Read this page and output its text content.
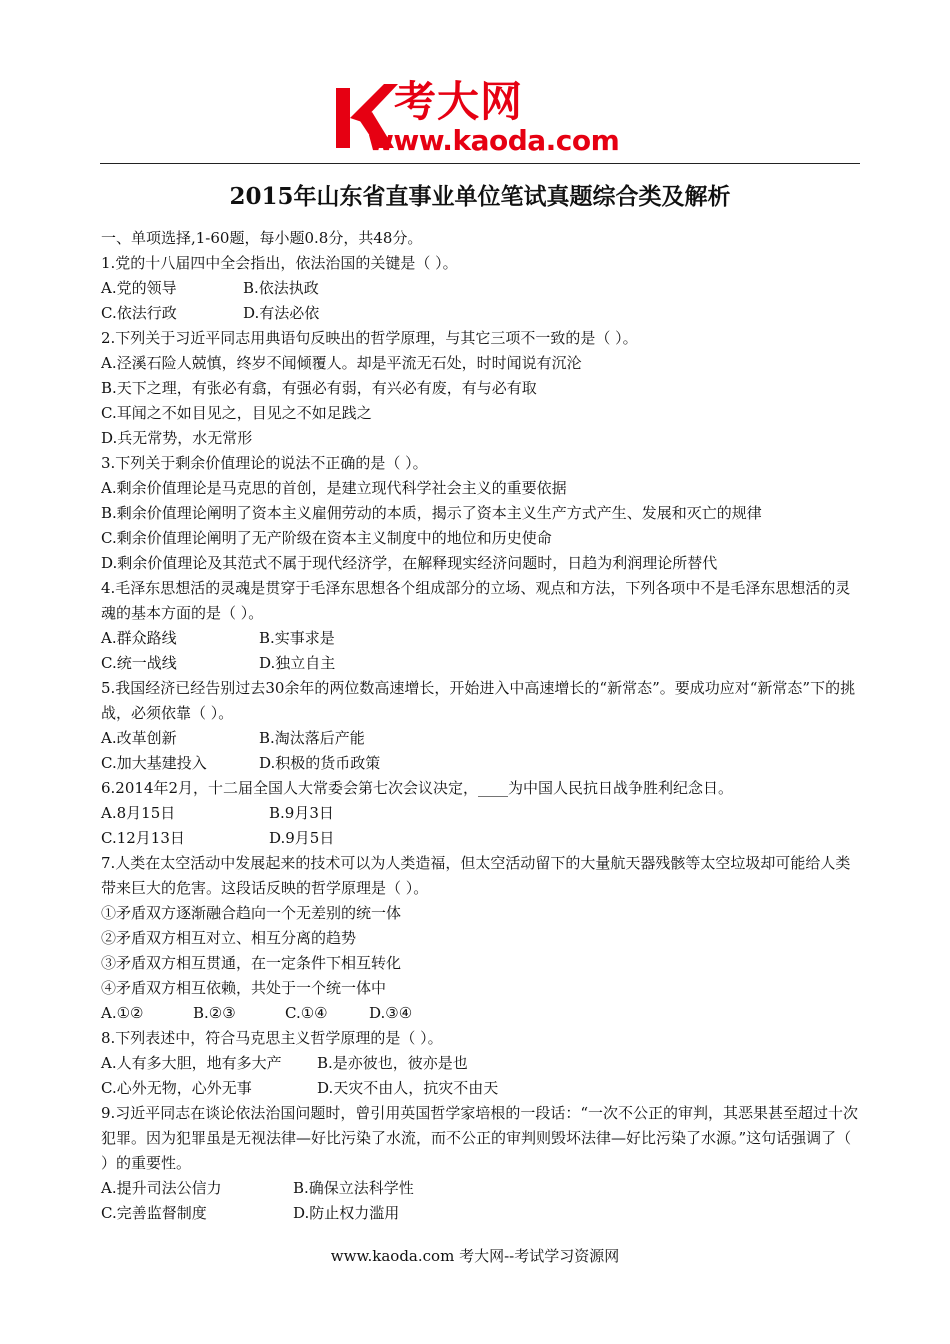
考大网
www.kaoda.com
2015年山东省直事业单位笔试真题综合类及解析
一、单项选择,1-60题，每小题0.8分，共48分。
1.党的十八届四中全会指出，依法治国的关键是（ ）。
A.党的领导	B.依法执政
C.依法行政	D.有法必依
2.下列关于习近平同志用典语句反映出的哲学原理，与其它三项不一致的是（ ）。
A.泾溪石险人兢慎，终岁不闻倾覆人。却是平流无石处，时时闻说有沉沦
B.天下之理，有张必有翕，有强必有弱，有兴必有废，有与必有取
C.耳闻之不如目见之，目见之不如足践之
D.兵无常势，水无常形
3.下列关于剩余价值理论的说法不正确的是（ ）。
A.剩余价值理论是马克思的首创，是建立现代科学社会主义的重要依据
B.剩余价值理论阐明了资本主义雇佣劳动的本质，揭示了资本主义生产方式产生、发展和灭亡的规律
C.剩余价值理论阐明了无产阶级在资本主义制度中的地位和历史使命
D.剩余价值理论及其范式不属于现代经济学，在解释现实经济问题时，日趋为利润理论所替代
4.毛泽东思想活的灵魂是贯穿于毛泽东思想各个组成部分的立场、观点和方法，下列各项中不是毛泽东思想活的灵魂的基本方面的是（ ）。
A.群众路线	B.实事求是
C.统一战线	D.独立自主
5.我国经济已经告别过去30余年的两位数高速增长，开始进入中高速增长的“新常态”。要成功应对“新常态”下的挑战，必须依靠（ ）。
A.改革创新	B.淘汰落后产能
C.加大基建投入	D.积极的货币政策
6.2014年2月，十二届全国人大常委会第七次会议决定，____为中国人民抗日战争胜利纪念日。
A.8月15日	B.9月3日
C.12月13日	D.9月5日
7.人类在太空活动中发展起来的技术可以为人类造福，但太空活动留下的大量航天器残骸等太空垃圾却可能给人类带来巨大的危害。这段话反映的哲学原理是（ ）。
①矛盾双方逐渐融合趋向一个无差别的统一体
②矛盾双方相互对立、相互分离的趋势
③矛盾双方相互贯通，在一定条件下相互转化
④矛盾双方相互依赖，共处于一个统一体中
A.①②	B.②③	C.①④	D.③④
8.下列表述中，符合马克思主义哲学原理的是（ ）。
A.人有多大胆，地有多大产	B.是亦彼也，彼亦是也
C.心外无物，心外无事	D.天灾不由人，抗灾不由天
9.习近平同志在谈论依法治国问题时，曾引用英国哲学家培根的一段话：“一次不公正的审判，其恶果甚至超过十次犯罪。因为犯罪虽是无视法律—好比污染了水流，而不公正的审判则毁坏法律—好比污染了水源。”这句话强调了（ ）的重要性。
A.提升司法公信力	B.确保立法科学性
C.完善监督制度	D.防止权力滥用
www.kaoda.com 考大网--考试学习资源网
